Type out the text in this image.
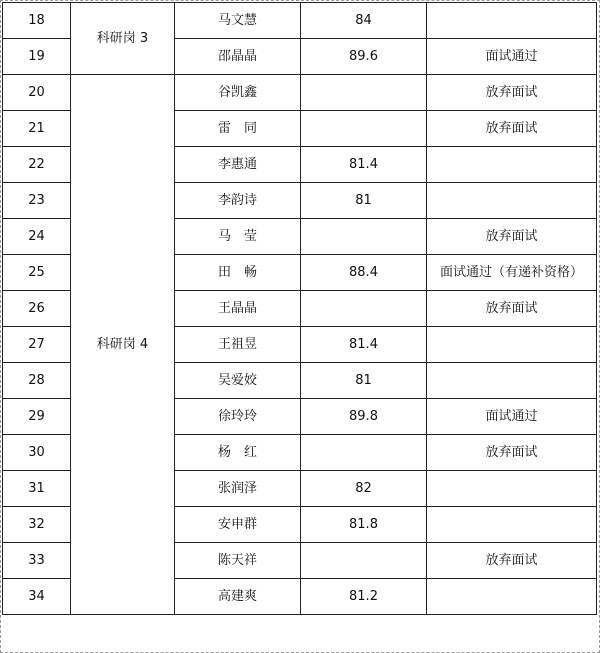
18	科研岗 3	马文慧	84	
19		邵晶晶	89.6	面试通过
20	科研岗 4	谷凯鑫		放弃面试
21		雷　同		放弃面试
22		李惠通	81.4	
23		李韵诗	81	
24		马　莹		放弃面试
25		田　畅	88.4	面试通过（有递补资格）
26		王晶晶		放弃面试
27		王祖昱	81.4	
28		吴爱姣	81	
29		徐玲玲	89.8	面试通过
30		杨　红		放弃面试
31		张润泽	82	
32		安申群	81.8	
33		陈天祥		放弃面试
34		高建爽	81.2	
